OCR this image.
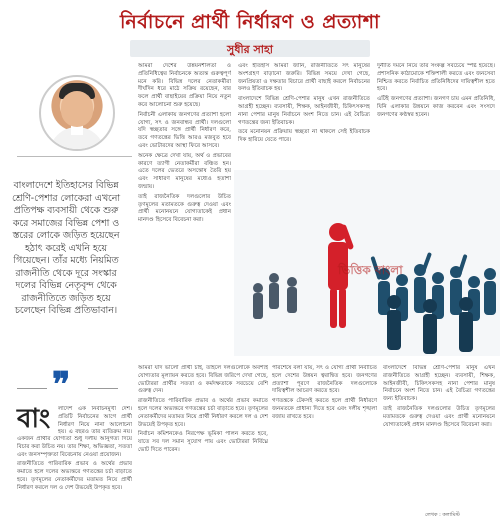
নির্বাচনে প্রার্থী নির্ধারণ ও প্রত্যাশা
সুধীর সাহা
বাংলাদেশে ইতিহাসের বিভিন্ন শ্রেণি-পেশার লোকেরা এখনো প্রতিপক্ষ ব্যবসায়ী থেকে শুরু করে সমাজের বিভিন্ন পেশা ও স্তরের লোকে জড়িত হয়েছেন হঠাৎ করেই এখনি হয়ে গিয়েছেন। তাঁর মধ্যে নিয়মিত রাজনীতি থেকে দূরে সংস্কার দলের বিভিন্ন নেতৃবৃন্দ থেকে রাজনীতিতে জড়িত হয়ে চলেছেন বিভিন্ন প্রতিভাবান।

আমরা দেশের উন্নয়নশীলতা ও প্রতিনিধিত্বের নির্বাচনকে অত্যন্ত গুরুত্বপূর্ণ মনে করি। বিভিন্ন দলের নেতাকর্মীরা দীর্ঘদিন ধরে মাঠে সক্রিয় রয়েছেন, যার ফলে প্রার্থী বাছাইয়ের প্রক্রিয়া নিয়ে নতুন করে আলোচনা শুরু হয়েছে।

নির্বাচনী এলাকায় জনগণের প্রত্যাশা হলো যোগ্য, সৎ ও জনবান্ধব প্রার্থী। দলগুলো যদি স্বচ্ছতার সঙ্গে প্রার্থী নির্ধারণ করে, তবে গণতন্ত্রের ভিত্তি আরও মজবুত হবে এবং ভোটারদের আস্থা ফিরে আসবে।

অনেক ক্ষেত্রে দেখা যায়, অর্থ ও প্রভাবের কারণে ত্যাগী নেতাকর্মীরা বঞ্চিত হন। এতে দলের ভেতরে অসন্তোষ তৈরি হয় এবং সাধারণ মানুষের মধ্যেও হতাশা জন্মায়।

তাই রাজনৈতিক দলগুলোর উচিত তৃণমূলের মতামতকে গুরুত্ব দেওয়া এবং প্রার্থী মনোনয়নে যোগ্যতাকেই প্রধান মানদণ্ড হিসেবে বিবেচনা করা।

এবং ইতিহাস আমরা জানি, রাজনীতিতে সৎ মানুষের অংশগ্রহণ বাড়ানো জরুরি। বিভিন্ন সময়ে দেখা গেছে, জনপ্রিয়তা ও দক্ষতার বিচারে প্রার্থী বাছাই করলে নির্বাচনের ফলও ইতিবাচক হয়।

বাংলাদেশে বিভিন্ন শ্রেণি-পেশার মানুষ এখন রাজনীতিতে আগ্রহী হচ্ছেন। ব্যবসায়ী, শিক্ষক, আইনজীবী, চিকিৎসকসহ নানা পেশার মানুষ নির্বাচনে অংশ নিতে চান। এই বৈচিত্র্য গণতন্ত্রের জন্য ইতিবাচক।

তবে মনোনয়ন প্রক্রিয়ায় স্বচ্ছতা না থাকলে সেই ইতিবাচক দিক হারিয়ে যেতে পারে।

দুর্নীতি দমনে নিয়ে তার সংকল্প সবচেয়ে স্পষ্ট হয়েছে। প্রশাসনিক কাঠামোকে শক্তিশালী করতে এবং জনসেবা নিশ্চিত করতে নির্বাচিত প্রতিনিধিদের দায়িত্বশীল হতে হবে।

এটিই জনগণের প্রত্যাশা। জনগণ চায় এমন প্রতিনিধি, যিনি এলাকার উন্নয়নে কাজ করবেন এবং সংসদে জনগণের কণ্ঠস্বর হবেন।

ভিত্তিক বাংলা

আমরা যদি ভালো প্রার্থী চাই, তাহলে দলগুলোকে অবশ্যই যোগ্যতার মূল্যায়ন করতে হবে। বিভিন্ন জরিপে দেখা গেছে, ভোটাররা প্রার্থীর সততা ও কর্মদক্ষতাকে সবচেয়ে বেশি গুরুত্ব দেন।

রাজনীতিতে পারিবারিক প্রভাব ও অর্থের প্রভাব কমাতে হলে দলের অভ্যন্তরে গণতন্ত্রের চর্চা বাড়াতে হবে। তৃণমূলের নেতাকর্মীদের মতামত নিয়ে প্রার্থী নির্ধারণ করলে দল ও দেশ উভয়েই উপকৃত হবে।

নির্বাচন কমিশনকেও নিরপেক্ষ ভূমিকা পালন করতে হবে, যাতে সব দল সমান সুযোগ পায় এবং ভোটাররা নির্বিঘ্নে ভোট দিতে পারেন।

পরিশেষে বলা যায়, সৎ ও যোগ্য প্রার্থী নির্বাচিত হলে দেশের উন্নয়ন ত্বরান্বিত হবে। জনগণের প্রত্যাশা পূরণে রাজনৈতিক দলগুলোকে দায়িত্বশীল আচরণ করতে হবে।

গণতন্ত্রকে টেকসই করতে হলে প্রার্থী নির্ধারণে জনমতকে প্রাধান্য দিতে হবে এবং দলীয় শৃঙ্খলা বজায় রাখতে হবে।

বাংলাদেশে বিভিন্ন শ্রেণি-পেশার মানুষ এখন রাজনীতিতে আগ্রহী হচ্ছেন। ব্যবসায়ী, শিক্ষক, আইনজীবী, চিকিৎসকসহ নানা পেশার মানুষ নির্বাচনে অংশ নিতে চান। এই বৈচিত্র্য গণতন্ত্রের জন্য ইতিবাচক।

তাই রাজনৈতিক দলগুলোর উচিত তৃণমূলের মতামতকে গুরুত্ব দেওয়া এবং প্রার্থী মনোনয়নে যোগ্যতাকেই প্রধান মানদণ্ড হিসেবে বিবেচনা করা।

❞
বাং লাদেশ এক নির্বাচনমুখী দেশ। প্রতিটি নির্বাচনের আগে প্রার্থী নির্ধারণ নিয়ে নানা আলোচনা হয়। এ বছরও তার ব্যতিক্রম নয়।

একজন প্রার্থীর যোগ্যতা শুধু দলীয় আনুগত্য দিয়ে বিচার করা উচিত নয়। তার শিক্ষা, অভিজ্ঞতা, সততা এবং জনসম্পৃক্ততা বিবেচনায় নেওয়া প্রয়োজন।

রাজনীতিতে পারিবারিক প্রভাব ও অর্থের প্রভাব কমাতে হলে দলের অভ্যন্তরে গণতন্ত্রের চর্চা বাড়াতে হবে। তৃণমূলের নেতাকর্মীদের মতামত নিয়ে প্রার্থী নির্ধারণ করলে দল ও দেশ উভয়েই উপকৃত হবে।

লেখক : কলামিস্ট
